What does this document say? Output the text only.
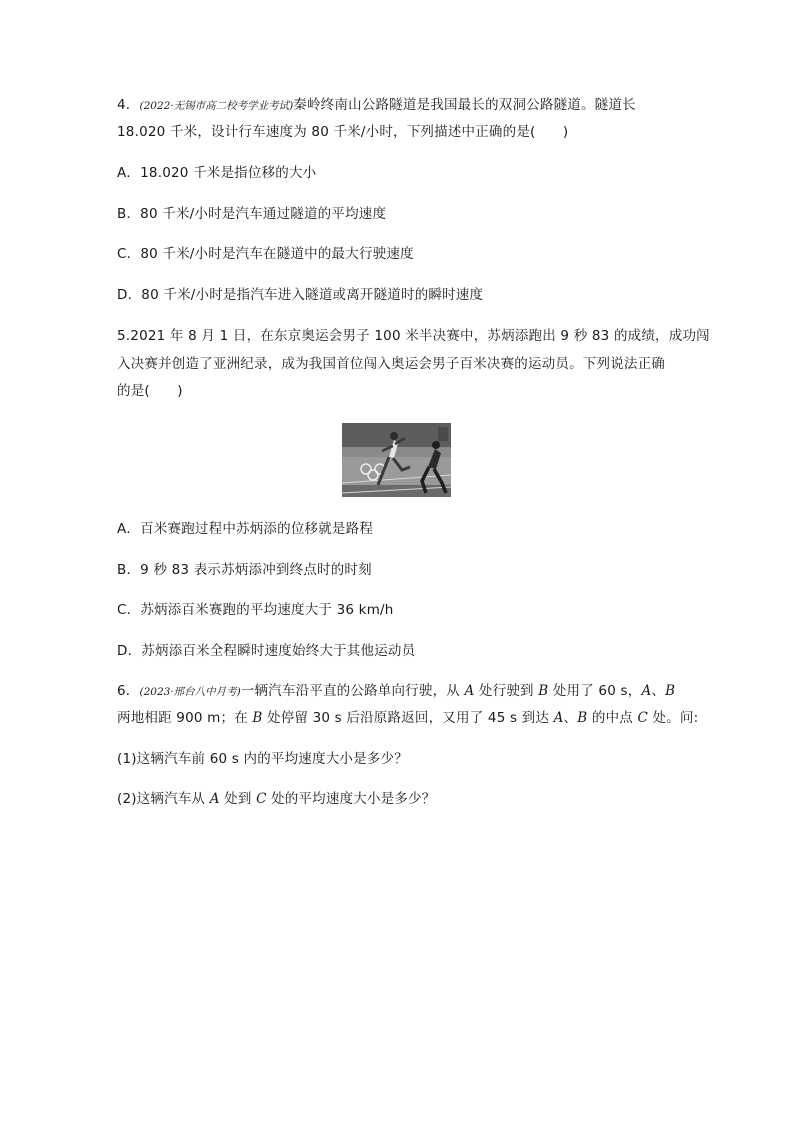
4．(2022·无锡市高二校考学业考试)秦岭终南山公路隧道是我国最长的双洞公路隧道。隧道长
18.020 千米，设计行车速度为 80 千米/小时，下列描述中正确的是(　　)
A．18.020 千米是指位移的大小
B．80 千米/小时是汽车通过隧道的平均速度
C．80 千米/小时是汽车在隧道中的最大行驶速度
D．80 千米/小时是指汽车进入隧道或离开隧道时的瞬时速度
5.2021 年 8 月 1 日，在东京奥运会男子 100 米半决赛中，苏炳添跑出 9 秒 83 的成绩，成功闯
入决赛并创造了亚洲纪录，成为我国首位闯入奥运会男子百米决赛的运动员。下列说法正确
的是(　　)
A．百米赛跑过程中苏炳添的位移就是路程
B．9 秒 83 表示苏炳添冲到终点时的时刻
C．苏炳添百米赛跑的平均速度大于 36 km/h
D．苏炳添百米全程瞬时速度始终大于其他运动员
6．(2023·邢台八中月考)一辆汽车沿平直的公路单向行驶，从 A 处行驶到 B 处用了 60 s，A、B
两地相距 900 m；在 B 处停留 30 s 后沿原路返回，又用了 45 s 到达 A、B 的中点 C 处。问:
(1)这辆汽车前 60 s 内的平均速度大小是多少？
(2)这辆汽车从 A 处到 C 处的平均速度大小是多少？
